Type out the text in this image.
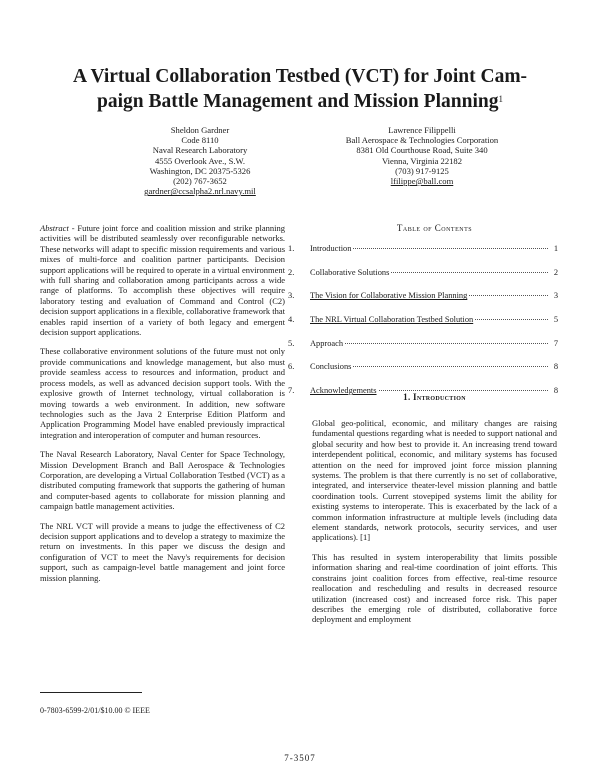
A Virtual Collaboration Testbed (VCT) for Joint Cam-
paign Battle Management and Mission Planning$^1$
Sheldon Gardner
Code 8110
Naval Research Laboratory
4555 Overlook Ave., S.W.
Washington, DC 20375-5326
(202) 767-3652
gardner@ccsalpha2.nrl.navy.mil
Lawrence Filippelli
Ball Aerospace & Technologies Corporation
8381 Old Courthouse Road, Suite 340
Vienna, Virginia 22182
(703) 917-9125
lfilippe@ball.com

Abstract - Future joint force and coalition mission and strike planning activities will be distributed seamlessly over reconfigurable networks. These networks will adapt to specific mission requirements and various mixes of multi-force and coalition partner participants. Decision support applications will be required to operate in a virtual environment with full sharing and collaboration among participants across a wide range of platforms. To accomplish these objectives will require laboratory testing and evaluation of Command and Control (C2) decision support applications in a flexible, collaborative framework that enables rapid insertion of a variety of both legacy and emergent decision support applications.

These collaborative environment solutions of the future must not only provide communications and knowledge management, but also must provide seamless access to resources and information, product and process models, as well as advanced decision support tools. With the explosive growth of Internet technology, virtual collaboration is moving towards a web environment. In addition, new software technologies such as the Java 2 Enterprise Edition Platform and Application Programming Model have enabled previously impractical integration and interoperation of computer and human resources.

The Naval Research Laboratory, Naval Center for Space Technology, Mission Development Branch and Ball Aerospace & Technologies Corporation, are developing a Virtual Collaboration Testbed (VCT) as a distributed computing framework that supports the gathering of human and computer-based agents to collaborate for mission planning and campaign battle management activities.

The NRL VCT will provide a means to judge the effectiveness of C2 decision support applications and to develop a strategy to maximize the return on investments. In this paper we discuss the design and configuration of VCT to meet the Navy's requirements for decision support, such as campaign-level battle management and joint force mission planning.

Table of Contents
1.	Introduction	1
2.	Collaborative Solutions	2
3.	The Vision for Collaborative Mission Planning	3
4.	The NRL Virtual Collaboration Testbed Solution	5
5.	Approach	7
6.	Conclusions	8
7.	Acknowledgements	8
1. Introduction

Global geo-political, economic, and military changes are raising fundamental questions regarding what is needed to support national and global security and how best to provide it. An increasing trend toward interdependent political, economic, and military systems has focused attention on the need for improved joint force mission planning systems. The problem is that there currently is no set of collaborative, integrated, and interservice theater-level mission planning and battle coordination tools. Current stovepiped systems limit the ability for existing systems to interoperate. This is exacerbated by the lack of a common information infrastructure at multiple levels (including data element standards, network protocols, security services, and user applications). [1]

This has resulted in system interoperability that limits possible information sharing and real-time coordination of joint efforts. This constrains joint coalition forces from effective, real-time resource reallocation and rescheduling and results in decreased resource utilization (increased cost) and increased force risk. This paper describes the emerging role of distributed, collaborative force deployment and employment

0-7803-6599-2/01/$10.00 © IEEE
7-3507
